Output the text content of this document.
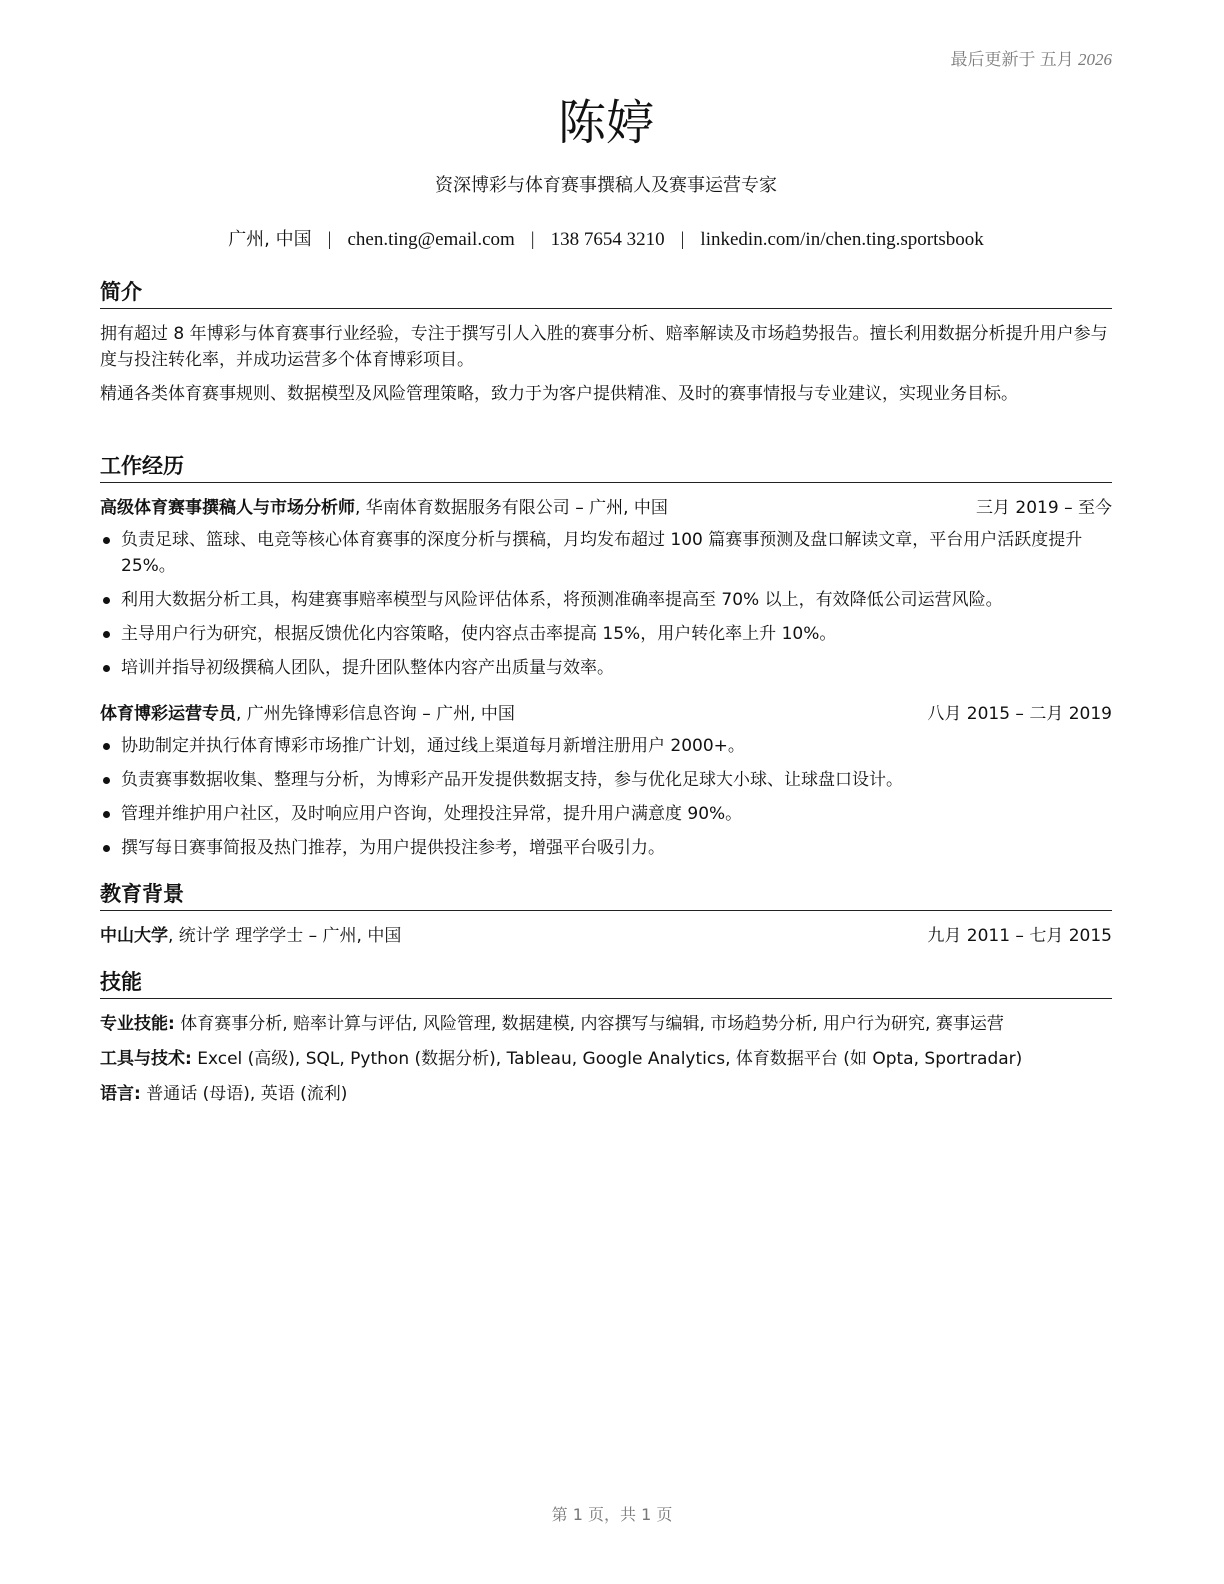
最后更新于 五月 2026
陈婷
资深博彩与体育赛事撰稿人及赛事运营专家
广州, 中国 | chen.ting@email.com | 138 7654 3210 | linkedin.com/in/chen.ting.sportsbook
简介

拥有超过 8 年博彩与体育赛事行业经验，专注于撰写引人入胜的赛事分析、赔率解读及市场趋势报告。擅长利用数据分析提升用户参与度与投注转化率，并成功运营多个体育博彩项目。

精通各类体育赛事规则、数据模型及风险管理策略，致力于为客户提供精准、及时的赛事情报与专业建议，实现业务目标。

工作经历
高级体育赛事撰稿人与市场分析师, 华南体育数据服务有限公司 – 广州, 中国	三月 2019 – 至今
负责足球、篮球、电竞等核心体育赛事的深度分析与撰稿，月均发布超过 100 篇赛事预测及盘口解读文章，平台用户活跃度提升 25%。
利用大数据分析工具，构建赛事赔率模型与风险评估体系，将预测准确率提高至 70% 以上，有效降低公司运营风险。
主导用户行为研究，根据反馈优化内容策略，使内容点击率提高 15%，用户转化率上升 10%。
培训并指导初级撰稿人团队，提升团队整体内容产出质量与效率。
体育博彩运营专员, 广州先锋博彩信息咨询 – 广州, 中国	八月 2015 – 二月 2019
协助制定并执行体育博彩市场推广计划，通过线上渠道每月新增注册用户 2000+。
负责赛事数据收集、整理与分析，为博彩产品开发提供数据支持，参与优化足球大小球、让球盘口设计。
管理并维护用户社区，及时响应用户咨询，处理投注异常，提升用户满意度 90%。
撰写每日赛事简报及热门推荐，为用户提供投注参考，增强平台吸引力。
教育背景
中山大学, 统计学 理学学士 – 广州, 中国	九月 2011 – 七月 2015
技能

专业技能: 体育赛事分析, 赔率计算与评估, 风险管理, 数据建模, 内容撰写与编辑, 市场趋势分析, 用户行为研究, 赛事运营

工具与技术: Excel (高级), SQL, Python (数据分析), Tableau, Google Analytics, 体育数据平台 (如 Opta, Sportradar)

语言: 普通话 (母语), 英语 (流利)

第 1 页，共 1 页
